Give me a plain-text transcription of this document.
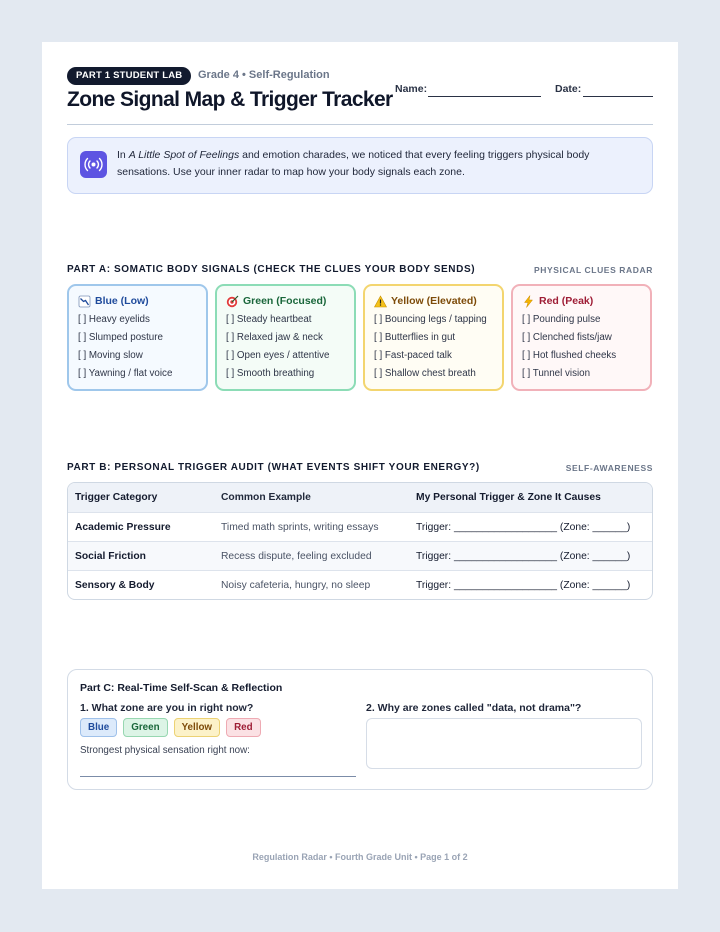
PART 1 STUDENT LAB	Grade 4 • Self-Regulation
Zone Signal Map & Trigger Tracker Name:	Date:
In A Little Spot of Feelings and emotion charades, we noticed that every feeling triggers physical body sensations. Use your inner radar to map how your body signals each zone.
PART A: SOMATIC BODY SIGNALS (CHECK THE CLUES YOUR BODY SENDS)	PHYSICAL CLUES RADAR
Blue (Low)
[ ] Heavy eyelids
[ ] Slumped posture
[ ] Moving slow
[ ] Yawning / flat voice
Green (Focused)
[ ] Steady heartbeat
[ ] Relaxed jaw & neck
[ ] Open eyes / attentive
[ ] Smooth breathing
Yellow (Elevated)
[ ] Bouncing legs / tapping
[ ] Butterflies in gut
[ ] Fast-paced talk
[ ] Shallow chest breath
Red (Peak)
[ ] Pounding pulse
[ ] Clenched fists/jaw
[ ] Hot flushed cheeks
[ ] Tunnel vision
PART B: PERSONAL TRIGGER AUDIT (WHAT EVENTS SHIFT YOUR ENERGY?)	SELF-AWARENESS
Trigger Category	Common Example	My Personal Trigger & Zone It Causes
Academic Pressure	Timed math sprints, writing essays	Trigger: __________________ (Zone: ______)
Social Friction	Recess dispute, feeling excluded	Trigger: __________________ (Zone: ______)
Sensory & Body	Noisy cafeteria, hungry, no sleep	Trigger: __________________ (Zone: ______)
Part C: Real-Time Self-Scan & Reflection
1. What zone are you in right now?
Blue	Green	Yellow	Red
Strongest physical sensation right now:
2. Why are zones called "data, not drama"?
Regulation Radar • Fourth Grade Unit • Page 1 of 2
